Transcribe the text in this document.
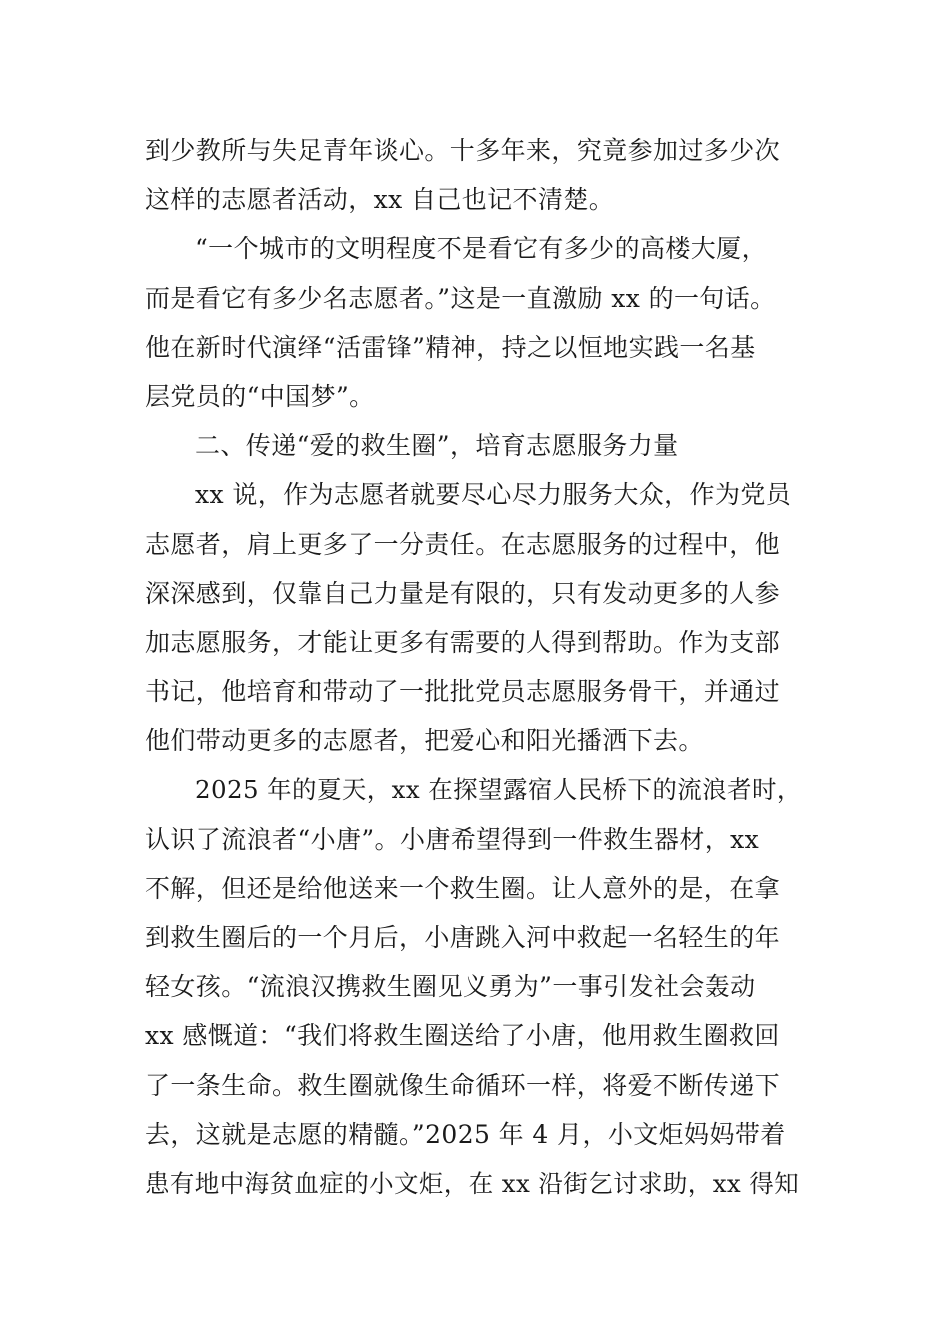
到少教所与失足青年谈心。十多年来，究竟参加过多少次
这样的志愿者活动，xx 自己也记不清楚。
“一个城市的文明程度不是看它有多少的高楼大厦，
而是看它有多少名志愿者。”这是一直激励 xx 的一句话。
他在新时代演绎“活雷锋”精神，持之以恒地实践一名基
层党员的“中国梦”。
二、传递“爱的救生圈”，培育志愿服务力量
xx 说，作为志愿者就要尽心尽力服务大众，作为党员
志愿者，肩上更多了一分责任。在志愿服务的过程中，他
深深感到，仅靠自己力量是有限的，只有发动更多的人参
加志愿服务，才能让更多有需要的人得到帮助。作为支部
书记，他培育和带动了一批批党员志愿服务骨干，并通过
他们带动更多的志愿者，把爱心和阳光播洒下去。
2025 年的夏天，xx 在探望露宿人民桥下的流浪者时，
认识了流浪者“小唐”。小唐希望得到一件救生器材，xx
不解，但还是给他送来一个救生圈。让人意外的是，在拿
到救生圈后的一个月后，小唐跳入河中救起一名轻生的年
轻女孩。“流浪汉携救生圈见义勇为”一事引发社会轰动
xx 感慨道：“我们将救生圈送给了小唐，他用救生圈救回
了一条生命。救生圈就像生命循环一样，将爱不断传递下
去，这就是志愿的精髓。”2025 年 4 月，小文炬妈妈带着
患有地中海贫血症的小文炬，在 xx 沿街乞讨求助，xx 得知
